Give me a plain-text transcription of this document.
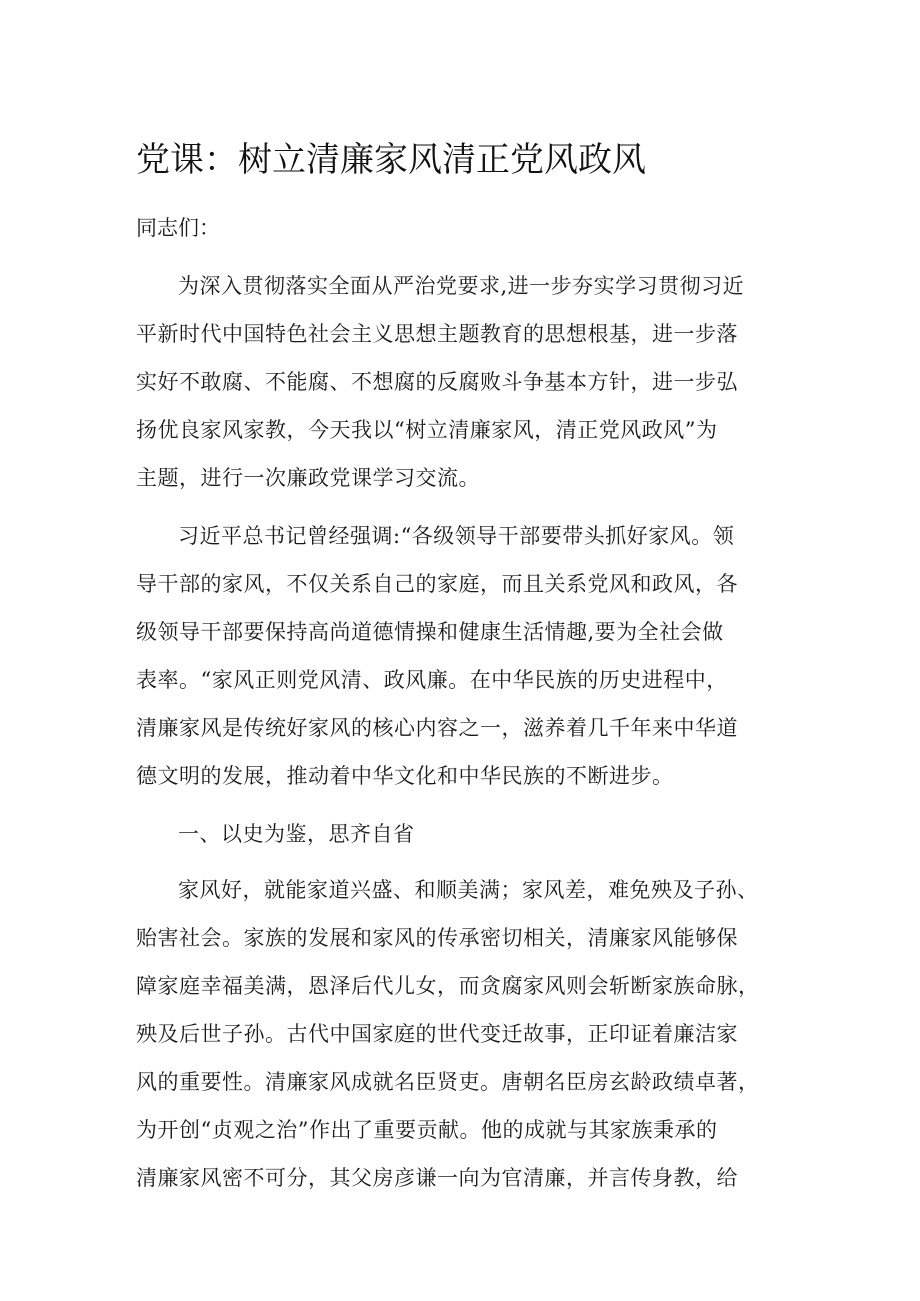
党课：树立清廉家风清正党风政风
同志们：
为深入贯彻落实全面从严治党要求,进一步夯实学习贯彻习近
平新时代中国特色社会主义思想主题教育的思想根基，进一步落
实好不敢腐、不能腐、不想腐的反腐败斗争基本方针，进一步弘
扬优良家风家教，今天我以“树立清廉家风，清正党风政风”为
主题，进行一次廉政党课学习交流。
习近平总书记曾经强调:“各级领导干部要带头抓好家风。领
导干部的家风，不仅关系自己的家庭，而且关系党风和政风，各
级领导干部要保持高尚道德情操和健康生活情趣,要为全社会做
表率。“家风正则党风清、政风廉。在中华民族的历史进程中，
清廉家风是传统好家风的核心内容之一，滋养着几千年来中华道
德文明的发展，推动着中华文化和中华民族的不断进步。
一、以史为鉴，思齐自省
家风好，就能家道兴盛、和顺美满；家风差，难免殃及子孙、
贻害社会。家族的发展和家风的传承密切相关，清廉家风能够保
障家庭幸福美满，恩泽后代儿女，而贪腐家风则会斩断家族命脉，
殃及后世子孙。古代中国家庭的世代变迁故事，正印证着廉洁家
风的重要性。清廉家风成就名臣贤吏。唐朝名臣房玄龄政绩卓著，
为开创“贞观之治”作出了重要贡献。他的成就与其家族秉承的
清廉家风密不可分，其父房彦谦一向为官清廉，并言传身教，给
